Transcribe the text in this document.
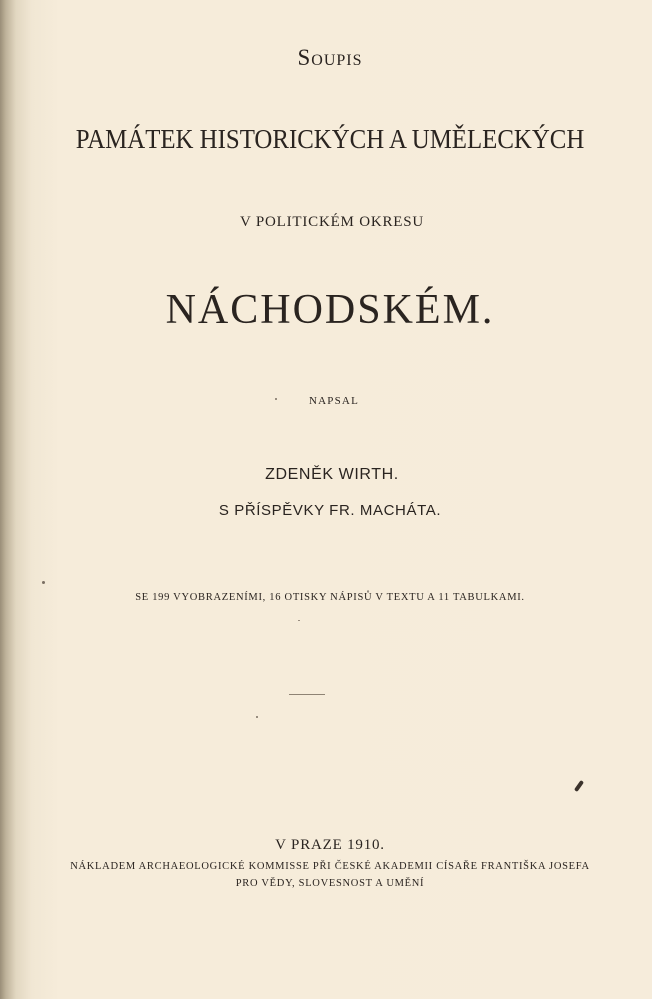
Soupis
PAMÁTEK HISTORICKÝCH A UMĚLECKÝCH
V POLITICKÉM OKRESU
NÁCHODSKÉM.
NAPSAL
ZDENĚK WIRTH.
S PŘÍSPĚVKY FR. MACHÁTA.
SE 199 VYOBRAZENÍMI, 16 OTISKY NÁPISŮ V TEXTU A 11 TABULKAMI.
V PRAZE 1910.
NÁKLADEM ARCHAEOLOGICKÉ KOMMISSE PŘI ČESKÉ AKADEMII CÍSAŘE FRANTIŠKA JOSEFA
PRO VĚDY, SLOVESNOST A UMĚNÍ
